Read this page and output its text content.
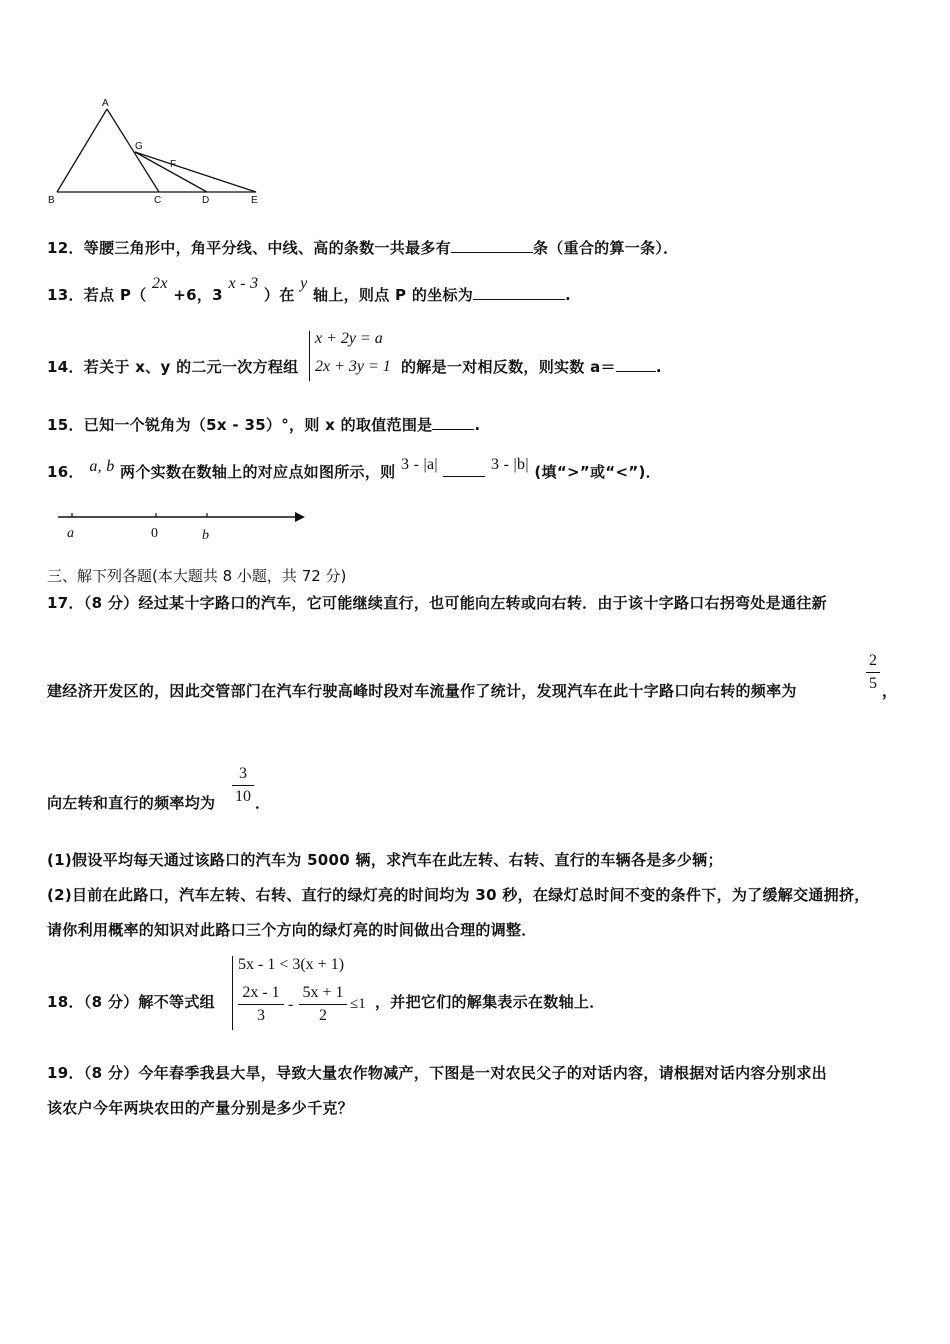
A
G
F
B	C	D	E
12．等腰三角形中，角平分线、中线、高的条数一共最多有	条（重合的算一条）．
13．若点 P（ 2x +6，3 x - 3 ）在 y 轴上，则点 P 的坐标为	.
14．若关于 x、y 的二元一次方程组
x + 2y = a
2x + 3y = 1 的解是一对相反数，则实数 a＝	.
15．已知一个锐角为（5x - 35）°，则 x 的取值范围是	.
16． a, b 两个实数在数轴上的对应点如图所示，则 3 - |a|	3 - |b| (填“>”或“<”)．
a	0	b
三、解下列各题(本大题共 8 小题，共 72 分)
17．（8 分）经过某十字路口的汽车，它可能继续直行，也可能向左转或向右转．由于该十字路口右拐弯处是通往新
建经济开发区的，因此交管部门在汽车行驶高峰时段对车流量作了统计，发现汽车在此十字路口向右转的频率为
2
5 ，
向左转和直行的频率均为
3
10 ．
(1)假设平均每天通过该路口的汽车为 5000 辆，求汽车在此左转、右转、直行的车辆各是多少辆；
(2)目前在此路口，汽车左转、右转、直行的绿灯亮的时间均为 30 秒，在绿灯总时间不变的条件下，为了缓解交通拥挤，
请你利用概率的知识对此路口三个方向的绿灯亮的时间做出合理的调整．
18．（8 分）解不等式组
5x - 1 < 3(x + 1)
2x - 1
3
-
5x + 1
2
≤1 ，并把它们的解集表示在数轴上．
19．（8 分）今年春季我县大旱，导致大量农作物减产，下图是一对农民父子的对话内容，请根据对话内容分别求出
该农户今年两块农田的产量分别是多少千克？
